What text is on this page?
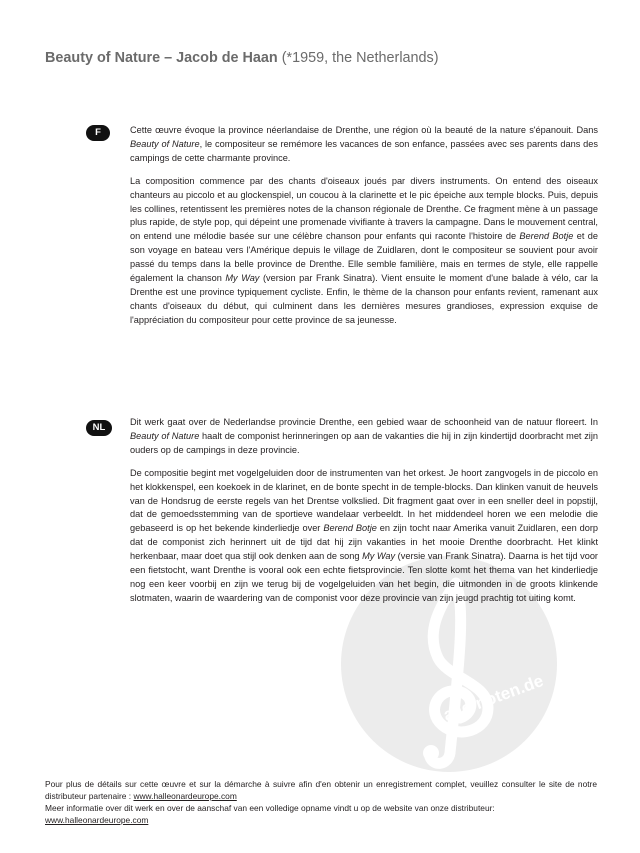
Beauty of Nature – Jacob de Haan (*1959, the Netherlands)
F	Cette œuvre évoque la province néerlandaise de Drenthe, une région où la beauté de la nature s'épanouit. Dans Beauty of Nature, le compositeur se remémore les vacances de son enfance, passées avec ses parents dans des campings de cette charmante province.

La composition commence par des chants d'oiseaux joués par divers instruments. On entend des oiseaux chanteurs au piccolo et au glockenspiel, un coucou à la clarinette et le pic épeiche aux temple blocks. Puis, depuis les collines, retentissent les premières notes de la chanson régionale de Drenthe. Ce fragment mène à un passage plus rapide, de style pop, qui dépeint une promenade vivifiante à travers la campagne. Dans le mouvement central, on entend une mélodie basée sur une célèbre chanson pour enfants qui raconte l'histoire de Berend Botje et de son voyage en bateau vers l'Amérique depuis le village de Zuidlaren, dont le compositeur se souvient pour avoir passé du temps dans la belle province de Drenthe. Elle semble familière, mais en termes de style, elle rappelle également la chanson My Way (version par Frank Sinatra). Vient ensuite le moment d'une balade à vélo, car la Drenthe est une province typiquement cycliste. Enfin, le thème de la chanson pour enfants revient, ramenant aux chants d'oiseaux du début, qui culminent dans les dernières mesures grandioses, expression exquise de l'appréciation du compositeur pour cette province de sa jeunesse.

alle-noten.de
NL	Dit werk gaat over de Nederlandse provincie Drenthe, een gebied waar de schoonheid van de natuur floreert. In Beauty of Nature haalt de componist herinneringen op aan de vakanties die hij in zijn kindertijd doorbracht met zijn ouders op de campings in deze provincie.

De compositie begint met vogelgeluiden door de instrumenten van het orkest. Je hoort zangvogels in de piccolo en het klokkenspel, een koekoek in de klarinet, en de bonte specht in de temple-blocks. Dan klinken vanuit de heuvels van de Hondsrug de eerste regels van het Drentse volkslied. Dit fragment gaat over in een sneller deel in popstijl, dat de gemoedsstemming van de sportieve wandelaar verbeeldt. In het middendeel horen we een melodie die gebaseerd is op het bekende kinderliedje over Berend Botje en zijn tocht naar Amerika vanuit Zuidlaren, een dorp dat de componist zich herinnert uit de tijd dat hij zijn vakanties in het mooie Drenthe doorbracht. Het klinkt herkenbaar, maar doet qua stijl ook denken aan de song My Way (versie van Frank Sinatra). Daarna is het tijd voor een fietstocht, want Drenthe is vooral ook een echte fietsprovincie. Ten slotte komt het thema van het kinderliedje nog een keer voorbij en zijn we terug bij de vogelgeluiden van het begin, die uitmonden in de groots klinkende slotmaten, waarin de waardering van de componist voor deze provincie van zijn jeugd prachtig tot uiting komt.

Pour plus de détails sur cette œuvre et sur la démarche à suivre afin d'en obtenir un enregistrement complet, veuillez consulter le site de notre distributeur partenaire : www.halleonardeurope.com

Meer informatie over dit werk en over de aanschaf van een volledige opname vindt u op de website van onze distributeur: www.halleonardeurope.com
